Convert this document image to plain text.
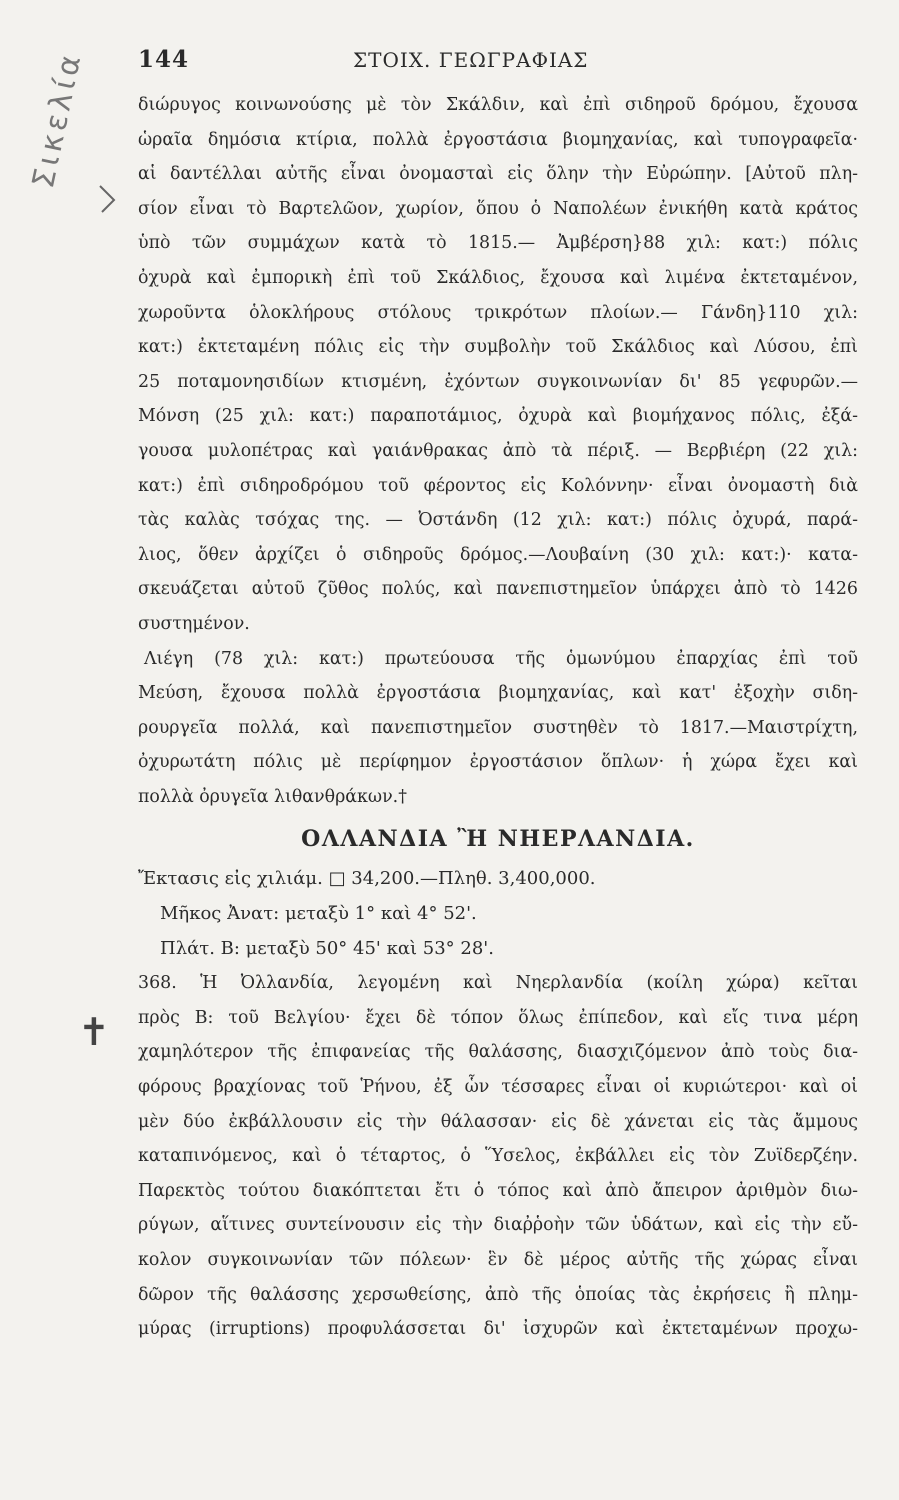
144	ΣΤΟΙΧ. ΓΕΩΓΡΑΦΙΑΣ
Σικελία
✝
διώρυγος κοινωνούσης μὲ τὸν Σκάλδιν, καὶ ἐπὶ σιδηροῦ δρόμου, ἔχουσα
ὡραῖα δημόσια κτίρια, πολλὰ ἐργοστάσια βιομηχανίας, καὶ τυπογραφεῖα·
αἱ δαντέλλαι αὐτῆς εἶναι ὀνομασταὶ εἰς ὅλην τὴν Εὐρώπην. [Αὐτοῦ πλη-
σίον εἶναι τὸ Βαρτελῶον, χωρίον, ὅπου ὁ Ναπολέων ἐνικήθη κατὰ κράτος
ὑπὸ τῶν συμμάχων κατὰ τὸ 1815.— Ἀμβέρση}88 χιλ: κατ:) πόλις
ὀχυρὰ καὶ ἐμπορικὴ ἐπὶ τοῦ Σκάλδιος, ἔχουσα καὶ λιμένα ἐκτεταμένον,
χωροῦντα ὁλοκλήρους στόλους τρικρότων πλοίων.— Γάνδη}110 χιλ:
κατ:) ἐκτεταμένη πόλις εἰς τὴν συμβολὴν τοῦ Σκάλδιος καὶ Λύσου, ἐπὶ
25 ποταμονησιδίων κτισμένη, ἐχόντων συγκοινωνίαν δι' 85 γεφυρῶν.—
Μόνση (25 χιλ: κατ:) παραποτάμιος, ὀχυρὰ καὶ βιομήχανος πόλις, ἐξά-
γουσα μυλοπέτρας καὶ γαιάνθρακας ἀπὸ τὰ πέριξ. — Βερβιέρη (22 χιλ:
κατ:) ἐπὶ σιδηροδρόμου τοῦ φέροντος εἰς Κολόννην· εἶναι ὀνομαστὴ διὰ
τὰς καλὰς τσόχας της. — Ὀστάνδη (12 χιλ: κατ:) πόλις ὀχυρά, παρά-
λιος, ὅθεν ἀρχίζει ὁ σιδηροῦς δρόμος.—Λουβαίνη (30 χιλ: κατ:)· κατα-
σκευάζεται αὐτοῦ ζῦθος πολύς, καὶ πανεπιστημεῖον ὑπάρχει ἀπὸ τὸ 1426
συστημένον.
Λιέγη (78 χιλ: κατ:) πρωτεύουσα τῆς ὁμωνύμου ἐπαρχίας ἐπὶ τοῦ
Μεύση, ἔχουσα πολλὰ ἐργοστάσια βιομηχανίας, καὶ κατ' ἐξοχὴν σιδη-
ρουργεῖα πολλά, καὶ πανεπιστημεῖον συστηθὲν τὸ 1817.—Μαιστρίχτη,
ὀχυρωτάτη πόλις μὲ περίφημον ἐργοστάσιον ὅπλων· ἡ χώρα ἔχει καὶ
πολλὰ ὀρυγεῖα λιθανθράκων.†
ΟΛΛΑΝΔΙΑ Ἢ ΝΗΕΡΛΑΝΔΙΑ.
Ἔκτασις εἰς χιλιάμ. □ 34,200.—Πληθ. 3,400,000.
Μῆκος Ἀνατ: μεταξὺ 1° καὶ 4° 52'.
Πλάτ. Β: μεταξὺ 50° 45' καὶ 53° 28'.
368. Ἡ Ὀλλανδία, λεγομένη καὶ Νηερλανδία (κοίλη χώρα) κεῖται
πρὸς Β: τοῦ Βελγίου· ἔχει δὲ τόπον ὅλως ἐπίπεδον, καὶ εἴς τινα μέρη
χαμηλότερον τῆς ἐπιφανείας τῆς θαλάσσης, διασχιζόμενον ἀπὸ τοὺς δια-
φόρους βραχίονας τοῦ Ῥήνου, ἐξ ὧν τέσσαρες εἶναι οἱ κυριώτεροι· καὶ οἱ
μὲν δύο ἐκβάλλουσιν εἰς τὴν θάλασσαν· εἰς δὲ χάνεται εἰς τὰς ἄμμους
καταπινόμενος, καὶ ὁ τέταρτος, ὁ Ὕσελος, ἐκβάλλει εἰς τὸν Ζυϊδερζέην.
Παρεκτὸς τούτου διακόπτεται ἔτι ὁ τόπος καὶ ἀπὸ ἄπειρον ἀριθμὸν διω-
ρύγων, αἵτινες συντείνουσιν εἰς τὴν διαῤῥοὴν τῶν ὑδάτων, καὶ εἰς τὴν εὔ-
κολον συγκοινωνίαν τῶν πόλεων· ἓν δὲ μέρος αὐτῆς τῆς χώρας εἶναι
δῶρον τῆς θαλάσσης χερσωθείσης, ἀπὸ τῆς ὁποίας τὰς ἐκρήσεις ἢ πλημ-
μύρας (irruptions) προφυλάσσεται δι' ἰσχυρῶν καὶ ἐκτεταμένων προχω-
